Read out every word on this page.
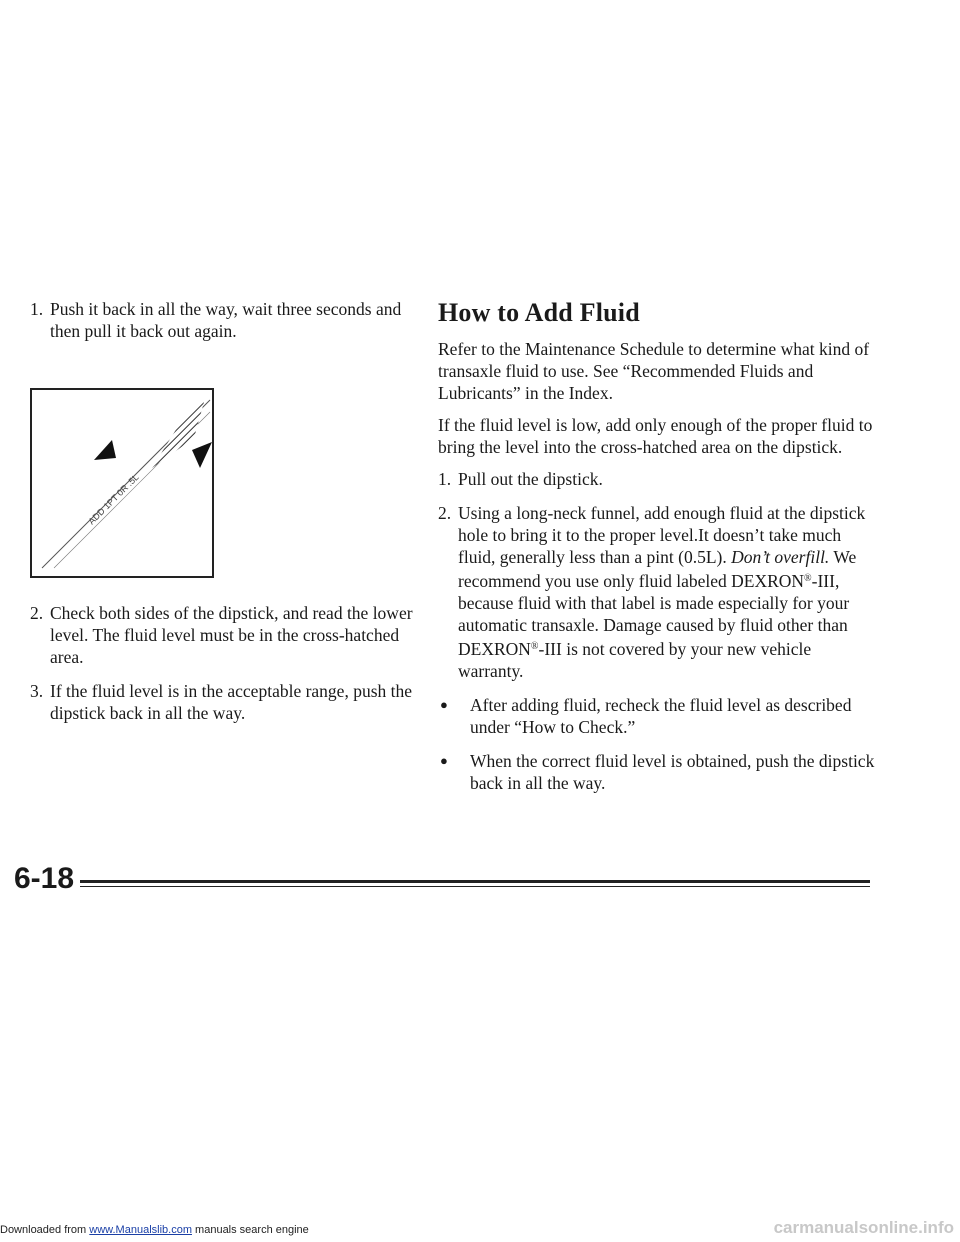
1. Push it back in all the way, wait three seconds and then pull it back out again.
ADD 1PT 0R .5L
2. Check both sides of the dipstick, and read the lower level. The fluid level must be in the cross-hatched area.
3. If the fluid level is in the acceptable range, push the dipstick back in all the way.
How to Add Fluid

Refer to the Maintenance Schedule to determine what kind of transaxle fluid to use. See “Recommended Fluids and Lubricants” in the Index.

If the fluid level is low, add only enough of the proper fluid to bring the level into the cross-hatched area on the dipstick.

1. Pull out the dipstick.
2. Using a long-neck funnel, add enough fluid at the dipstick hole to bring it to the proper level.It doesn’t take much fluid, generally less than a pint (0.5L). Don’t overfill. We recommend you use only fluid labeled DEXRON®-III, because fluid with that label is made especially for your automatic transaxle. Damage caused by fluid other than DEXRON®-III is not covered by your new vehicle warranty.
●	After adding fluid, recheck the fluid level as described under “How to Check.”
●	When the correct fluid level is obtained, push the dipstick back in all the way.
6-18
Downloaded from www.Manualslib.com manuals search engine	carmanualsonline.info
